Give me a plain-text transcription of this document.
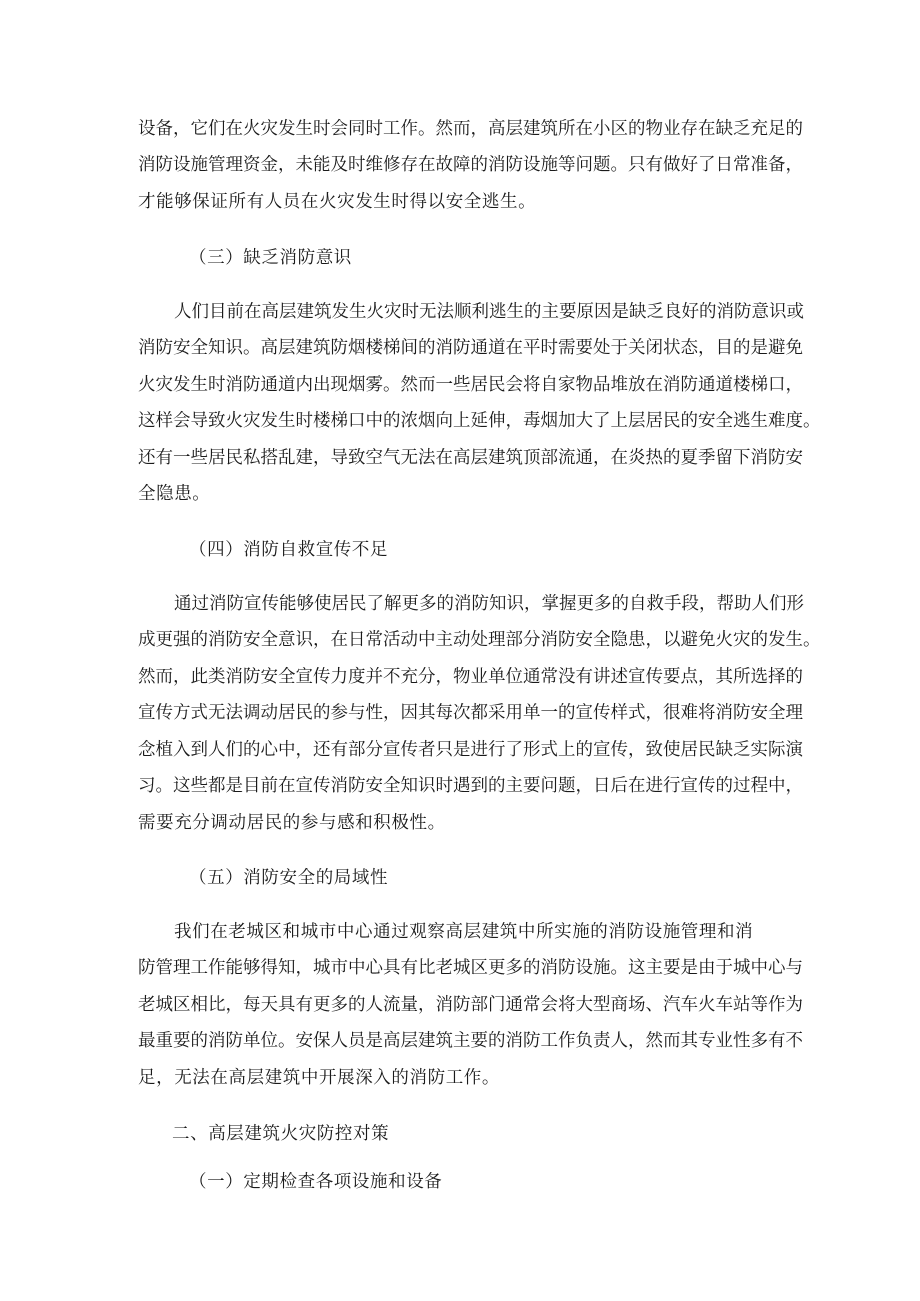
设备，它们在火灾发生时会同时工作。然而，高层建筑所在小区的物业存在缺乏充足的
消防设施管理资金，未能及时维修存在故障的消防设施等问题。只有做好了日常准备，
才能够保证所有人员在火灾发生时得以安全逃生。
（三）缺乏消防意识
人们目前在高层建筑发生火灾时无法顺利逃生的主要原因是缺乏良好的消防意识或
消防安全知识。高层建筑防烟楼梯间的消防通道在平时需要处于关闭状态，目的是避免
火灾发生时消防通道内出现烟雾。然而一些居民会将自家物品堆放在消防通道楼梯口，
这样会导致火灾发生时楼梯口中的浓烟向上延伸，毒烟加大了上层居民的安全逃生难度。
还有一些居民私搭乱建，导致空气无法在高层建筑顶部流通，在炎热的夏季留下消防安
全隐患。
（四）消防自救宣传不足
通过消防宣传能够使居民了解更多的消防知识，掌握更多的自救手段，帮助人们形
成更强的消防安全意识，在日常活动中主动处理部分消防安全隐患，以避免火灾的发生。
然而，此类消防安全宣传力度并不充分，物业单位通常没有讲述宣传要点，其所选择的
宣传方式无法调动居民的参与性，因其每次都采用单一的宣传样式，很难将消防安全理
念植入到人们的心中，还有部分宣传者只是进行了形式上的宣传，致使居民缺乏实际演
习。这些都是目前在宣传消防安全知识时遇到的主要问题，日后在进行宣传的过程中，
需要充分调动居民的参与感和积极性。
（五）消防安全的局域性
我们在老城区和城市中心通过观察高层建筑中所实施的消防设施管理和消
防管理工作能够得知，城市中心具有比老城区更多的消防设施。这主要是由于城中心与
老城区相比，每天具有更多的人流量，消防部门通常会将大型商场、汽车火车站等作为
最重要的消防单位。安保人员是高层建筑主要的消防工作负责人，然而其专业性多有不
足，无法在高层建筑中开展深入的消防工作。
二、高层建筑火灾防控对策
（一）定期检查各项设施和设备
